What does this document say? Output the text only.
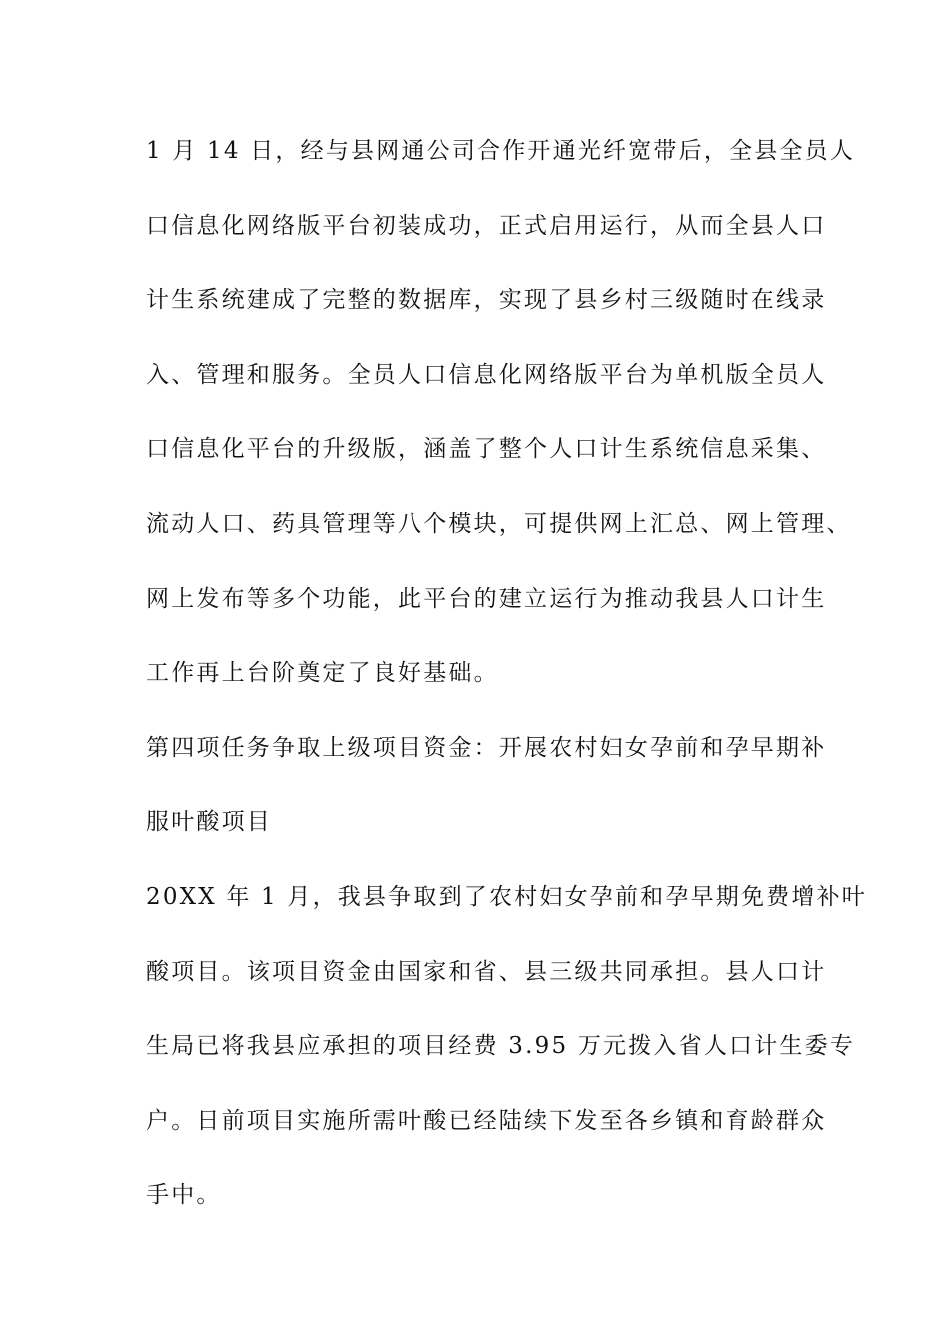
1 月 14 日，经与县网通公司合作开通光纤宽带后，全县全员人
口信息化网络版平台初装成功，正式启用运行，从而全县人口
计生系统建成了完整的数据库，实现了县乡村三级随时在线录
入、管理和服务。全员人口信息化网络版平台为单机版全员人
口信息化平台的升级版，涵盖了整个人口计生系统信息采集、
流动人口、药具管理等八个模块，可提供网上汇总、网上管理、
网上发布等多个功能，此平台的建立运行为推动我县人口计生
工作再上台阶奠定了良好基础。
第四项任务争取上级项目资金：开展农村妇女孕前和孕早期补
服叶酸项目
20XX 年 1 月，我县争取到了农村妇女孕前和孕早期免费增补叶
酸项目。该项目资金由国家和省、县三级共同承担。县人口计
生局已将我县应承担的项目经费 3.95 万元拨入省人口计生委专
户。日前项目实施所需叶酸已经陆续下发至各乡镇和育龄群众
手中。
